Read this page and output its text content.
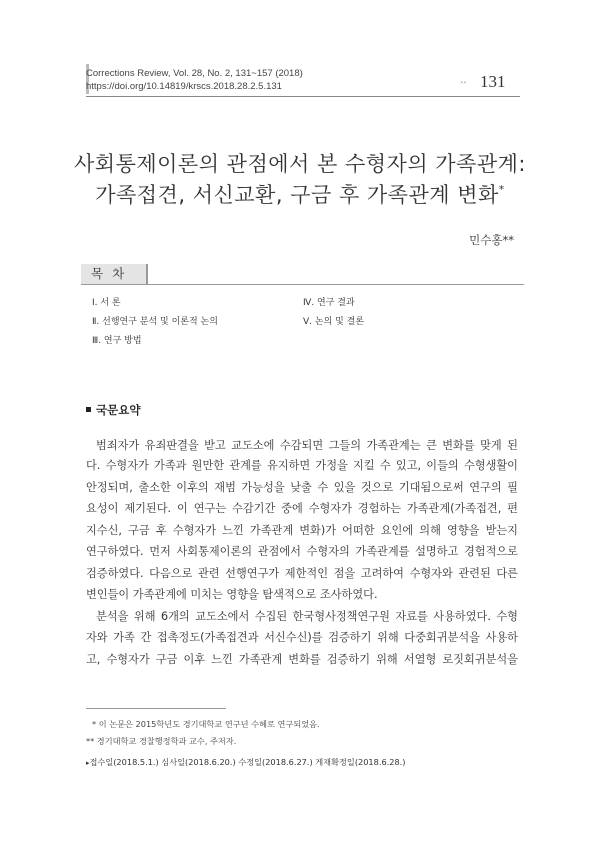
Corrections Review, Vol. 28, No. 2, 131~157 (2018)
https://doi.org/10.14819/krscs.2018.28.2.5.131	• • 131
사회통제이론의 관점에서 본 수형자의 가족관계:
가족접견, 서신교환, 구금 후 가족관계 변화*
민수홍**
목차
Ⅰ. 서 론
Ⅱ. 선행연구 분석 및 이론적 논의
Ⅲ. 연구 방법
Ⅳ. 연구 결과
Ⅴ. 논의 및 결론
국문요약
범죄자가 유죄판결을 받고 교도소에 수감되면 그들의 가족관계는 큰 변화를 맞게 된
다. 수형자가 가족과 원만한 관계를 유지하면 가정을 지킬 수 있고, 이들의 수형생활이
안정되며, 출소한 이후의 재범 가능성을 낮출 수 있을 것으로 기대됨으로써 연구의 필
요성이 제기된다. 이 연구는 수감기간 중에 수형자가 경험하는 가족관계(가족접견, 편
지수신, 구금 후 수형자가 느낀 가족관계 변화)가 어떠한 요인에 의해 영향을 받는지
연구하였다. 먼저 사회통제이론의 관점에서 수형자의 가족관계를 설명하고 경험적으로
검증하였다. 다음으로 관련 선행연구가 제한적인 점을 고려하여 수형자와 관련된 다른
변인들이 가족관계에 미치는 영향을 탐색적으로 조사하였다.
분석을 위해 6개의 교도소에서 수집된 한국형사정책연구원 자료를 사용하였다. 수형
자와 가족 간 접촉정도(가족접견과 서신수신)를 검증하기 위해 다중회귀분석을 사용하
고, 수형자가 구금 이후 느낀 가족관계 변화를 검증하기 위해 서열형 로짓회귀분석을
* 이 논문은 2015학년도 경기대학교 연구년 수혜로 연구되었음.
** 경기대학교 경찰행정학과 교수, 주저자.
▸접수일(2018.5.1.) 심사일(2018.6.20.) 수정일(2018.6.27.) 게재확정일(2018.6.28.)
